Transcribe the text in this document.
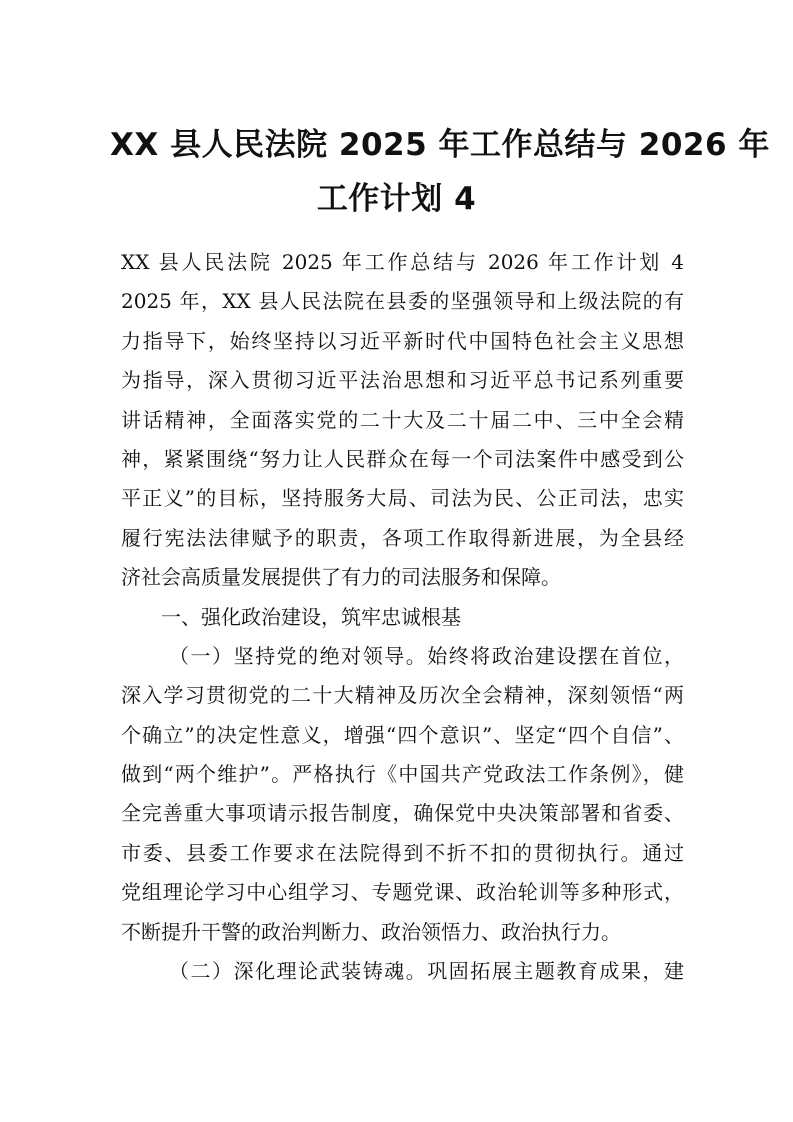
XX 县人民法院 2025 年工作总结与 2026 年
工作计划 4
XX 县人民法院 2025 年工作总结与 2026 年工作计划 4
2025 年，XX 县人民法院在县委的坚强领导和上级法院的有
力指导下，始终坚持以习近平新时代中国特色社会主义思想
为指导，深入贯彻习近平法治思想和习近平总书记系列重要
讲话精神，全面落实党的二十大及二十届二中、三中全会精
神，紧紧围绕“努力让人民群众在每一个司法案件中感受到公
平正义”的目标，坚持服务大局、司法为民、公正司法，忠实
履行宪法法律赋予的职责，各项工作取得新进展，为全县经
济社会高质量发展提供了有力的司法服务和保障。
一、强化政治建设，筑牢忠诚根基
（一）坚持党的绝对领导。始终将政治建设摆在首位，
深入学习贯彻党的二十大精神及历次全会精神，深刻领悟“两
个确立”的决定性意义，增强“四个意识”、坚定“四个自信”、
做到“两个维护”。严格执行《中国共产党政法工作条例》，健
全完善重大事项请示报告制度，确保党中央决策部署和省委、
市委、县委工作要求在法院得到不折不扣的贯彻执行。通过
党组理论学习中心组学习、专题党课、政治轮训等多种形式，
不断提升干警的政治判断力、政治领悟力、政治执行力。
（二）深化理论武装铸魂。巩固拓展主题教育成果，建
